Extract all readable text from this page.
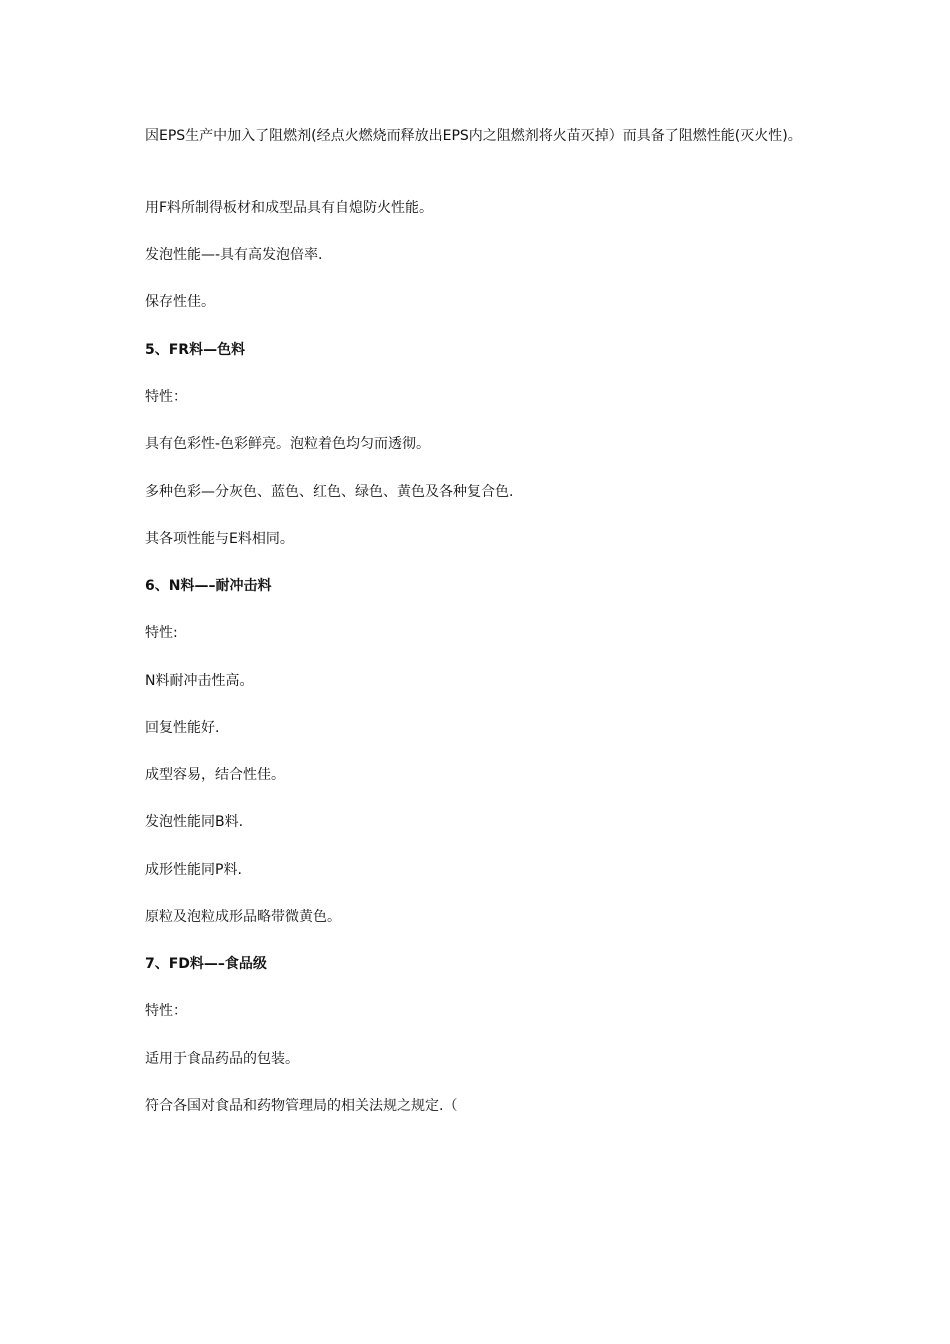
因EPS生产中加入了阻燃剂(经点火燃烧而释放出EPS内之阻燃剂将火苗灭掉）而具备了阻燃性能(灭火性)。

用F料所制得板材和成型品具有自熄防火性能。

发泡性能—-具有高发泡倍率.

保存性佳。

5、FR料—色料

特性：

具有色彩性-色彩鲜亮。泡粒着色均匀而透彻。

多种色彩—分灰色、蓝色、红色、绿色、黄色及各种复合色.

其各项性能与E料相同。

6、N料—–耐冲击料

特性:

N料耐冲击性高。

回复性能好.

成型容易，结合性佳。

发泡性能同B料.

成形性能同P料.

原粒及泡粒成形品略带微黄色。

7、FD料—–食品级

特性：

适用于食品药品的包装。

符合各国对食品和药物管理局的相关法规之规定.（
